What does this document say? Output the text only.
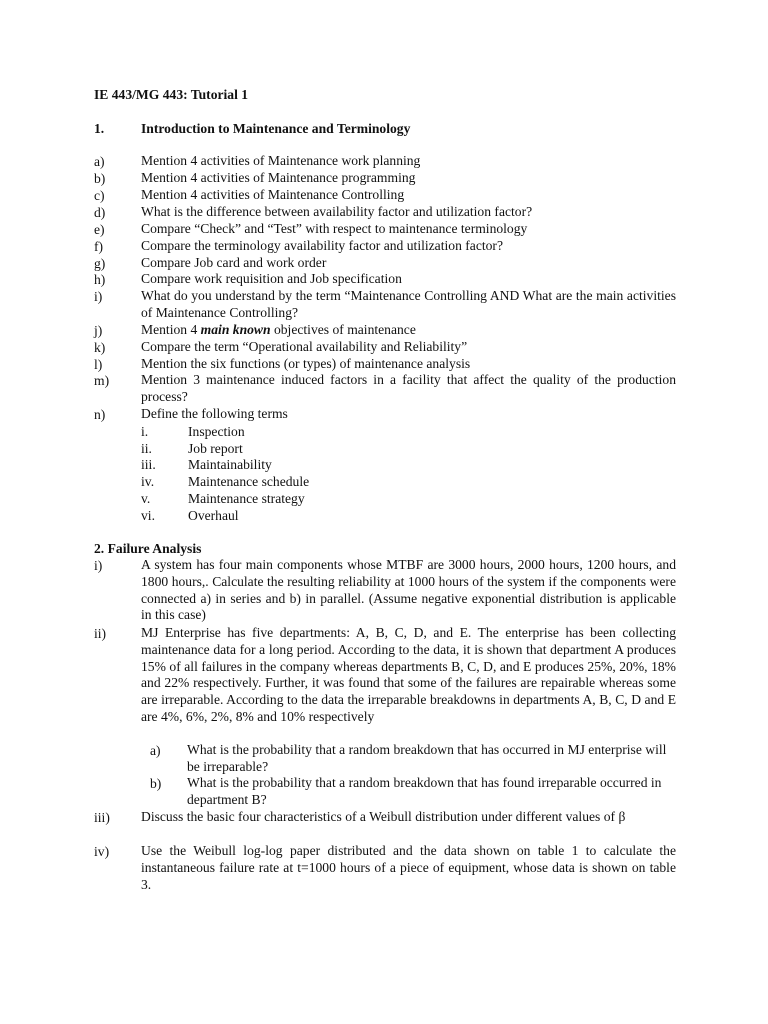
IE 443/MG 443: Tutorial 1
1.	Introduction to Maintenance and Terminology
a)	Mention 4 activities of Maintenance work planning
b)	Mention 4 activities of Maintenance programming
c)	Mention 4 activities of Maintenance Controlling
d)	What is the difference between availability factor and utilization factor?
e)	Compare “Check” and “Test” with respect to maintenance terminology
f)	Compare the terminology availability factor and utilization factor?
g)	Compare Job card and work order
h)	Compare work requisition and Job specification
i)	What do you understand by the term “Maintenance Controlling AND What are the main activities of Maintenance Controlling?
j)	Mention 4 main known objectives of maintenance
k)	Compare the term “Operational availability and Reliability”
l)	Mention the six functions (or types) of maintenance analysis
m) Mention 3 maintenance induced factors in a facility that affect the quality of the production process?
n)	Define the following terms
i.	Inspection
ii.	Job report
iii. Maintainability
iv. Maintenance schedule
v.	Maintenance strategy
vi. Overhaul
2. Failure Analysis
i)	A system has four main components whose MTBF are 3000 hours, 2000 hours, 1200 hours, and 1800 hours,. Calculate the resulting reliability at 1000 hours of the system if the components were connected a) in series and b) in parallel. (Assume negative exponential distribution is applicable in this case)
ii)	MJ Enterprise has five departments: A, B, C, D, and E. The enterprise has been collecting maintenance data for a long period. According to the data, it is shown that department A produces 15% of all failures in the company whereas departments B, C, D, and E produces 25%, 20%, 18% and 22% respectively. Further, it was found that some of the failures are repairable whereas some are irreparable. According to the data the irreparable breakdowns in departments A, B, C, D and E are 4%, 6%, 2%, 8% and 10% respectively
a) What is the probability that a random breakdown that has occurred in MJ enterprise will be irreparable?
b) What is the probability that a random breakdown that has found irreparable occurred in department B?
iii) Discuss the basic four characteristics of a Weibull distribution under different values of β
iv) Use the Weibull log-log paper distributed and the data shown on table 1 to calculate the instantaneous failure rate at t=1000 hours of a piece of equipment, whose data is shown on table 3.
